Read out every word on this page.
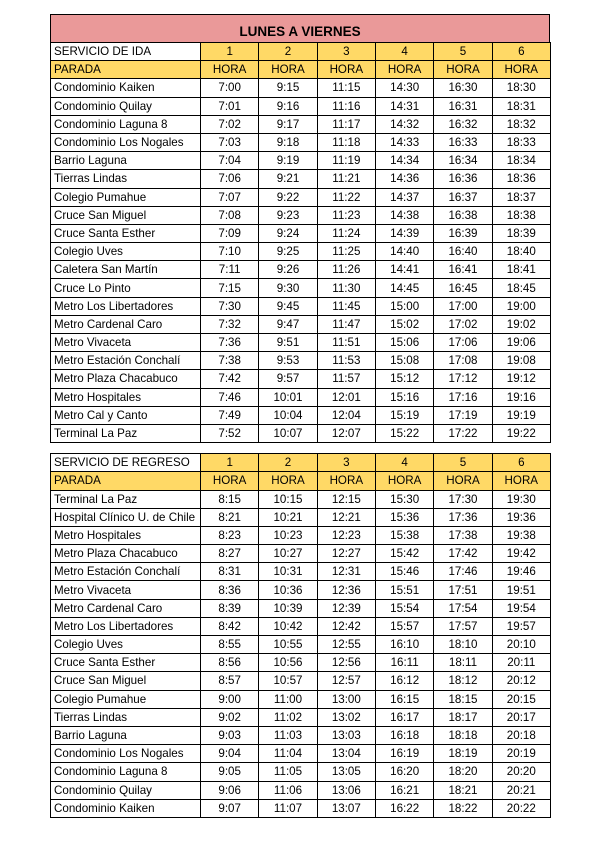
LUNES A VIERNES
SERVICIO DE IDA	1	2	3	4	5	6
PARADA	HORA	HORA	HORA	HORA	HORA	HORA
Condominio Kaiken	7:00	9:15	11:15	14:30	16:30	18:30
Condominio Quilay	7:01	9:16	11:16	14:31	16:31	18:31
Condominio Laguna 8	7:02	9:17	11:17	14:32	16:32	18:32
Condominio Los Nogales	7:03	9:18	11:18	14:33	16:33	18:33
Barrio Laguna	7:04	9:19	11:19	14:34	16:34	18:34
Tierras Lindas	7:06	9:21	11:21	14:36	16:36	18:36
Colegio Pumahue	7:07	9:22	11:22	14:37	16:37	18:37
Cruce San Miguel	7:08	9:23	11:23	14:38	16:38	18:38
Cruce Santa Esther	7:09	9:24	11:24	14:39	16:39	18:39
Colegio Uves	7:10	9:25	11:25	14:40	16:40	18:40
Caletera San Martín	7:11	9:26	11:26	14:41	16:41	18:41
Cruce Lo Pinto	7:15	9:30	11:30	14:45	16:45	18:45
Metro Los Libertadores	7:30	9:45	11:45	15:00	17:00	19:00
Metro Cardenal Caro	7:32	9:47	11:47	15:02	17:02	19:02
Metro Vivaceta	7:36	9:51	11:51	15:06	17:06	19:06
Metro Estación Conchalí	7:38	9:53	11:53	15:08	17:08	19:08
Metro Plaza Chacabuco	7:42	9:57	11:57	15:12	17:12	19:12
Metro Hospitales	7:46	10:01	12:01	15:16	17:16	19:16
Metro Cal y Canto	7:49	10:04	12:04	15:19	17:19	19:19
Terminal La Paz	7:52	10:07	12:07	15:22	17:22	19:22
SERVICIO DE REGRESO	1	2	3	4	5	6
PARADA	HORA	HORA	HORA	HORA	HORA	HORA
Terminal La Paz	8:15	10:15	12:15	15:30	17:30	19:30
Hospital Clínico U. de Chile	8:21	10:21	12:21	15:36	17:36	19:36
Metro Hospitales	8:23	10:23	12:23	15:38	17:38	19:38
Metro Plaza Chacabuco	8:27	10:27	12:27	15:42	17:42	19:42
Metro Estación Conchalí	8:31	10:31	12:31	15:46	17:46	19:46
Metro Vivaceta	8:36	10:36	12:36	15:51	17:51	19:51
Metro Cardenal Caro	8:39	10:39	12:39	15:54	17:54	19:54
Metro Los Libertadores	8:42	10:42	12:42	15:57	17:57	19:57
Colegio Uves	8:55	10:55	12:55	16:10	18:10	20:10
Cruce Santa Esther	8:56	10:56	12:56	16:11	18:11	20:11
Cruce San Miguel	8:57	10:57	12:57	16:12	18:12	20:12
Colegio Pumahue	9:00	11:00	13:00	16:15	18:15	20:15
Tierras Lindas	9:02	11:02	13:02	16:17	18:17	20:17
Barrio Laguna	9:03	11:03	13:03	16:18	18:18	20:18
Condominio Los Nogales	9:04	11:04	13:04	16:19	18:19	20:19
Condominio Laguna 8	9:05	11:05	13:05	16:20	18:20	20:20
Condominio Quilay	9:06	11:06	13:06	16:21	18:21	20:21
Condominio Kaiken	9:07	11:07	13:07	16:22	18:22	20:22
